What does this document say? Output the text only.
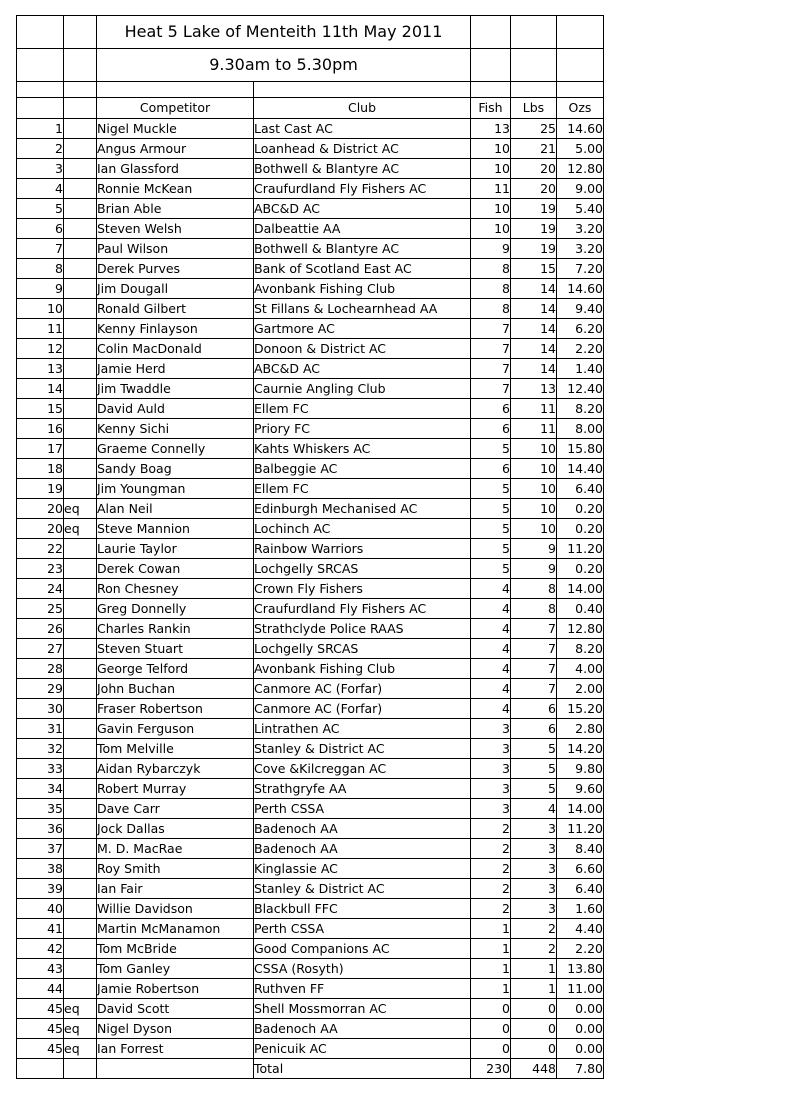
		Heat 5 Lake of Menteith 11th May 2011				
		9.30am to 5.30pm				

		Competitor	Club	Fish	Lbs	Ozs
1		Nigel Muckle	Last Cast AC	13	25	14.60
2		Angus Armour	Loanhead & District AC	10	21	5.00
3		Ian Glassford	Bothwell & Blantyre AC	10	20	12.80
4		Ronnie McKean	Craufurdland Fly Fishers AC	11	20	9.00
5		Brian Able	ABC&D AC	10	19	5.40
6		Steven Welsh	Dalbeattie AA	10	19	3.20
7		Paul Wilson	Bothwell & Blantyre AC	9	19	3.20
8		Derek Purves	Bank of Scotland East AC	8	15	7.20
9		Jim Dougall	Avonbank Fishing Club	8	14	14.60
10		Ronald Gilbert	St Fillans & Lochearnhead AA	8	14	9.40
11		Kenny Finlayson	Gartmore AC	7	14	6.20
12		Colin MacDonald	Donoon & District AC	7	14	2.20
13		Jamie Herd	ABC&D AC	7	14	1.40
14		Jim Twaddle	Caurnie Angling Club	7	13	12.40
15		David Auld	Ellem FC	6	11	8.20
16		Kenny Sichi	Priory FC	6	11	8.00
17		Graeme Connelly	Kahts Whiskers AC	5	10	15.80
18		Sandy Boag	Balbeggie AC	6	10	14.40
19		Jim Youngman	Ellem FC	5	10	6.40
20	eq	Alan Neil	Edinburgh Mechanised AC	5	10	0.20
20	eq	Steve Mannion	Lochinch AC	5	10	0.20
22		Laurie Taylor	Rainbow Warriors	5	9	11.20
23		Derek Cowan	Lochgelly SRCAS	5	9	0.20
24		Ron Chesney	Crown Fly Fishers	4	8	14.00
25		Greg Donnelly	Craufurdland Fly Fishers AC	4	8	0.40
26		Charles Rankin	Strathclyde Police RAAS	4	7	12.80
27		Steven Stuart	Lochgelly SRCAS	4	7	8.20
28		George Telford	Avonbank Fishing Club	4	7	4.00
29		John Buchan	Canmore AC (Forfar)	4	7	2.00
30		Fraser Robertson	Canmore AC (Forfar)	4	6	15.20
31		Gavin Ferguson	Lintrathen AC	3	6	2.80
32		Tom Melville	Stanley & District AC	3	5	14.20
33		Aidan Rybarczyk	Cove &Kilcreggan AC	3	5	9.80
34		Robert Murray	Strathgryfe AA	3	5	9.60
35		Dave Carr	Perth CSSA	3	4	14.00
36		Jock Dallas	Badenoch AA	2	3	11.20
37		M. D. MacRae	Badenoch AA	2	3	8.40
38		Roy Smith	Kinglassie AC	2	3	6.60
39		Ian Fair	Stanley & District AC	2	3	6.40
40		Willie Davidson	Blackbull FFC	2	3	1.60
41		Martin McManamon	Perth CSSA	1	2	4.40
42		Tom McBride	Good Companions AC	1	2	2.20
43		Tom Ganley	CSSA (Rosyth)	1	1	13.80
44		Jamie Robertson	Ruthven FF	1	1	11.00
45	eq	David Scott	Shell Mossmorran AC	0	0	0.00
45	eq	Nigel Dyson	Badenoch AA	0	0	0.00
45	eq	Ian Forrest	Penicuik AC	0	0	0.00
			Total	230	448	7.80
